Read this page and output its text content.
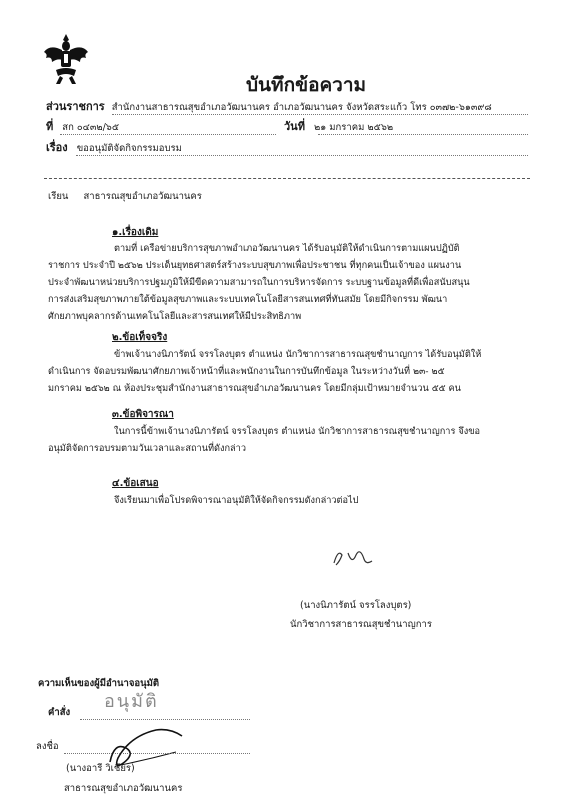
บันทึกข้อความ
ส่วนราชการ สำนักงานสาธารณสุขอำเภอวัฒนานคร อำเภอวัฒนานคร จังหวัดสระแก้ว โทร ๐๓๗๒-๖๑๓๙๘
ที่ สก ๐๔๓๒/๖๕	วันที่ ๒๑ มกราคม ๒๕๖๒
เรื่อง ขออนุมัติจัดกิจกรรมอบรม
เรียน สาธารณสุขอำเภอวัฒนานคร
๑.เรื่องเดิม
ตามที่ เครือข่ายบริการสุขภาพอำเภอวัฒนานคร ได้รับอนุมัติให้ดำเนินการตามแผนปฏิบัติ
ราชการ ประจำปี ๒๕๖๒ ประเด็นยุทธศาสตร์สร้างระบบสุขภาพเพื่อประชาชน ที่ทุกคนเป็นเจ้าของ แผนงาน
ประจำพัฒนาหน่วยบริการปฐมภูมิให้มีขีดความสามารถในการบริหารจัดการ ระบบฐานข้อมูลที่ดีเพื่อสนับสนุน
การส่งเสริมสุขภาพภายใต้ข้อมูลสุขภาพและระบบเทคโนโลยีสารสนเทศที่ทันสมัย โดยมีกิจกรรม พัฒนา
ศักยภาพบุคลากรด้านเทคโนโลยีและสารสนเทศให้มีประสิทธิภาพ
๒.ข้อเท็จจริง
ข้าพเจ้านางนิภารัตน์ จรรโลงบุตร ตำแหน่ง นักวิชาการสาธารณสุขชำนาญการ ได้รับอนุมัติให้
ดำเนินการ จัดอบรมพัฒนาศักยภาพเจ้าหน้าที่และพนักงานในการบันทึกข้อมูล ในระหว่างวันที่ ๒๓- ๒๕
มกราคม ๒๕๖๒ ณ ห้องประชุมสำนักงานสาธารณสุขอำเภอวัฒนานคร โดยมีกลุ่มเป้าหมายจำนวน ๕๕ คน
๓.ข้อพิจารณา
ในการนี้ข้าพเจ้านางนิภารัตน์ จรรโลงบุตร ตำแหน่ง นักวิชาการสาธารณสุขชำนาญการ จึงขอ
อนุมัติจัดการอบรมตามวันเวลาและสถานที่ดังกล่าว
๔.ข้อเสนอ
จึงเรียนมาเพื่อโปรดพิจารณาอนุมัติให้จัดกิจกรรมดังกล่าวต่อไป
(นางนิภารัตน์ จรรโลงบุตร)
นักวิชาการสาธารณสุขชำนาญการ
ความเห็นของผู้มีอำนาจอนุมัติ
คำสั่ง
อนุมัติ
ลงชื่อ
(นางอารี วิเชียร)
สาธารณสุขอำเภอวัฒนานคร
